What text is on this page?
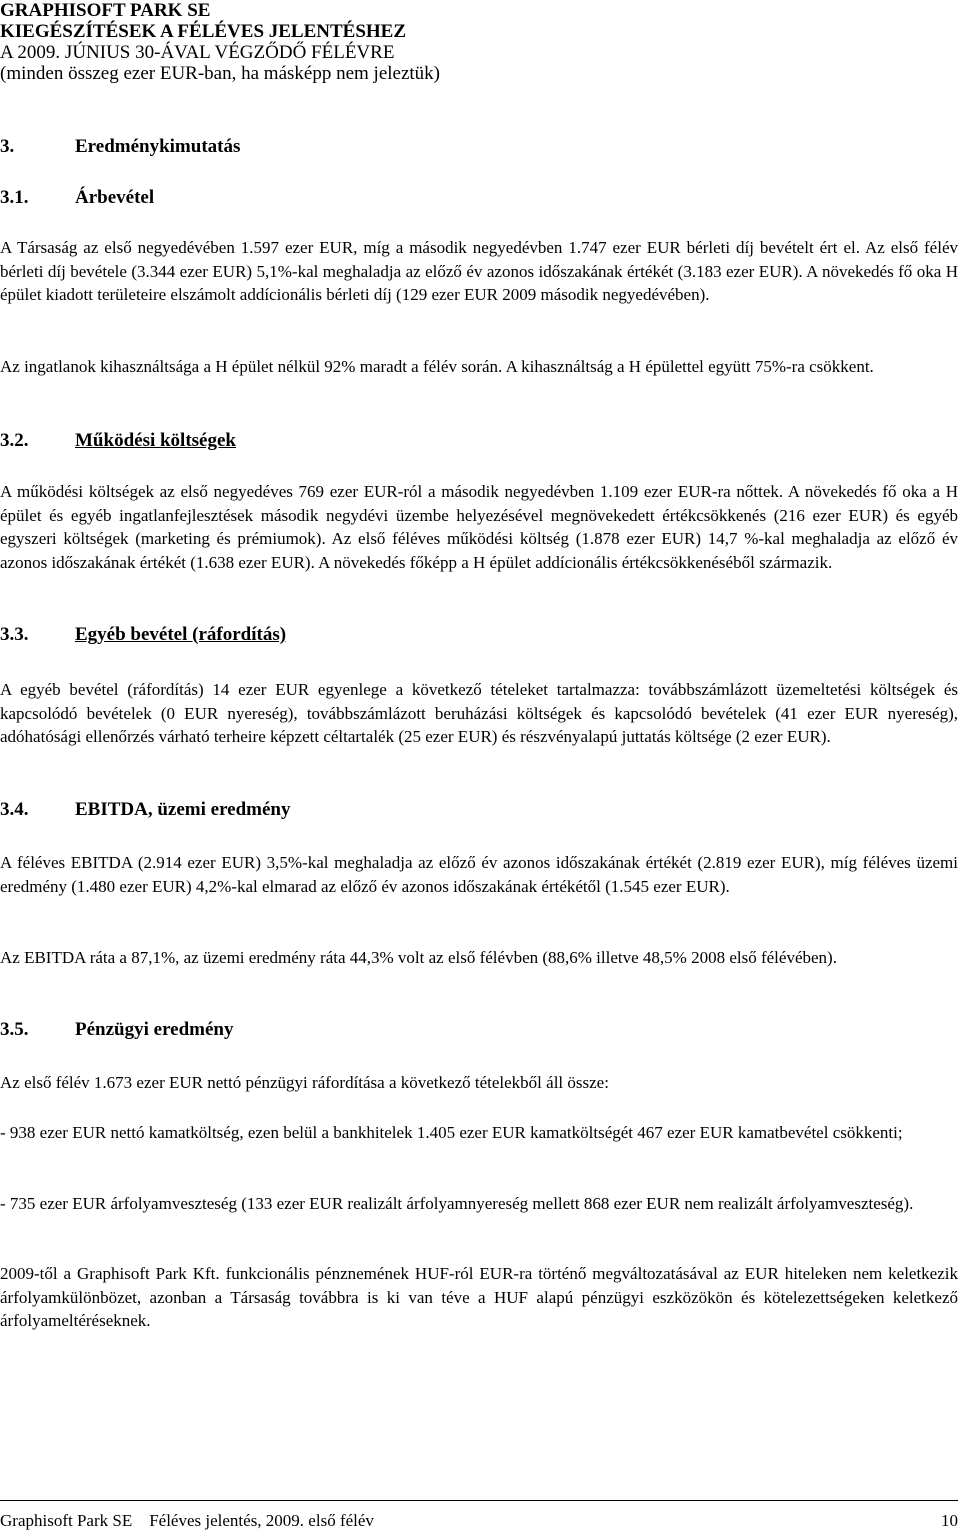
GRAPHISOFT PARK SE
KIEGÉSZÍTÉSEK A FÉLÉVES JELENTÉSHEZ
A 2009. JÚNIUS 30-ÁVAL VÉGZŐDŐ FÉLÉVRE
(minden összeg ezer EUR-ban, ha másképp nem jeleztük)
3.	Eredménykimutatás
3.1. Árbevétel
A Társaság az első negyedévében 1.597 ezer EUR, míg a második negyedévben 1.747 ezer EUR bérleti díj bevételt ért el. Az első félév bérleti díj bevétele (3.344 ezer EUR) 5,1%-kal meghaladja az előző év azonos időszakának értékét (3.183 ezer EUR). A növekedés fő oka H épület kiadott területeire elszámolt addícionális bérleti díj (129 ezer EUR 2009 második negyedévében).
Az ingatlanok kihasználtsága a H épület nélkül 92% maradt a félév során. A kihasználtság a H épülettel együtt 75%-ra csökkent.
3.2. Működési költségek
A működési költségek az első negyedéves 769 ezer EUR-ról a második negyedévben 1.109 ezer EUR-ra nőttek. A növekedés fő oka a H épület és egyéb ingatlanfejlesztések második negydévi üzembe helyezésével megnövekedett értékcsökkenés (216 ezer EUR) és egyéb egyszeri költségek (marketing és prémiumok). Az első féléves működési költség (1.878 ezer EUR) 14,7 %-kal meghaladja az előző év azonos időszakának értékét (1.638 ezer EUR). A növekedés főképp a H épület addícionális értékcsökkenéséből származik.
3.3. Egyéb bevétel (ráfordítás)
A egyéb bevétel (ráfordítás) 14 ezer EUR egyenlege a következő tételeket tartalmazza: továbbszámlázott üzemeltetési költségek és kapcsolódó bevételek (0 EUR nyereség), továbbszámlázott beruházási költségek és kapcsolódó bevételek (41 ezer EUR nyereség), adóhatósági ellenőrzés várható terheire képzett céltartalék (25 ezer EUR) és részvényalapú juttatás költsége (2 ezer EUR).
3.4. EBITDA, üzemi eredmény
A féléves EBITDA (2.914 ezer EUR) 3,5%-kal meghaladja az előző év azonos időszakának értékét (2.819 ezer EUR), míg féléves üzemi eredmény (1.480 ezer EUR) 4,2%-kal elmarad az előző év azonos időszakának értékétől (1.545 ezer EUR).
Az EBITDA ráta a 87,1%, az üzemi eredmény ráta 44,3% volt az első félévben (88,6% illetve 48,5% 2008 első félévében).
3.5. Pénzügyi eredmény
Az első félév 1.673 ezer EUR nettó pénzügyi ráfordítása a következő tételekből áll össze:
- 938 ezer EUR nettó kamatköltség, ezen belül a bankhitelek 1.405 ezer EUR kamatköltségét 467 ezer EUR kamatbevétel csökkenti;
- 735 ezer EUR árfolyamveszteség (133 ezer EUR realizált árfolyamnyereség mellett 868 ezer EUR nem realizált árfolyamveszteség).
2009-től a Graphisoft Park Kft. funkcionális pénznemének HUF-ról EUR-ra történő megváltozatásával az EUR hiteleken nem keletkezik árfolyamkülönbözet, azonban a Társaság továbbra is ki van téve a HUF alapú pénzügyi eszközökön és kötelezettségeken keletkező árfolyameltéréseknek.
Graphisoft Park SE    Féléves jelentés, 2009. első félév	10
